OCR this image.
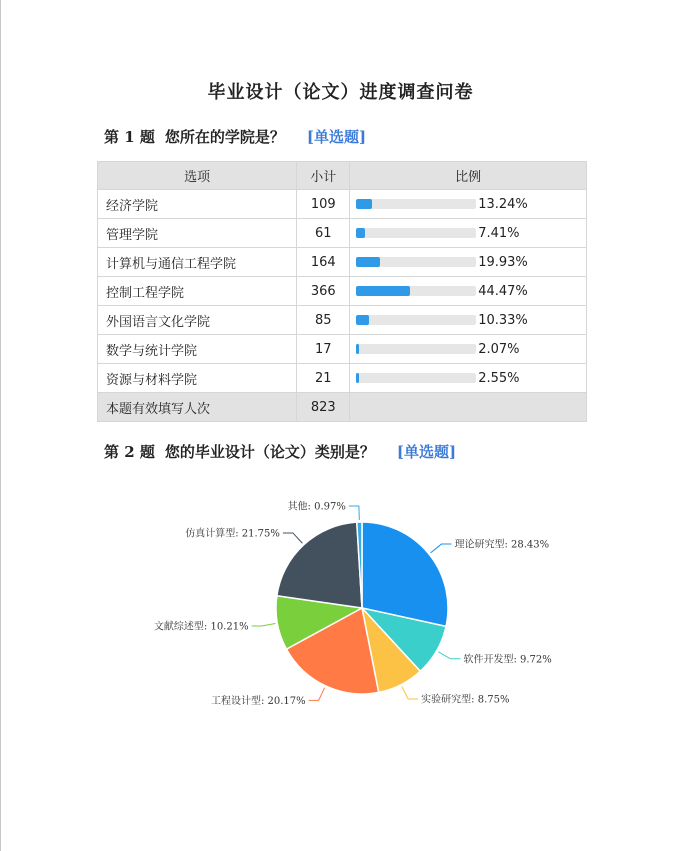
毕业设计（论文）进度调查问卷
第 1 题 您所在的学院是？ [单选题]
选项	小计	比例
经济学院	109	13.24%
管理学院	61	7.41%
计算机与通信工程学院	164	19.93%
控制工程学院	366	44.47%
外国语言文化学院	85	10.33%
数学与统计学院	17	2.07%
资源与材料学院	21	2.55%
本题有效填写人次	823	
第 2 题 您的毕业设计（论文）类别是？ [单选题]
理论研究型: 28.43%
软件开发型: 9.72%
实验研究型: 8.75%
工程设计型: 20.17%
文献综述型: 10.21%
仿真计算型: 21.75%
其他: 0.97%
